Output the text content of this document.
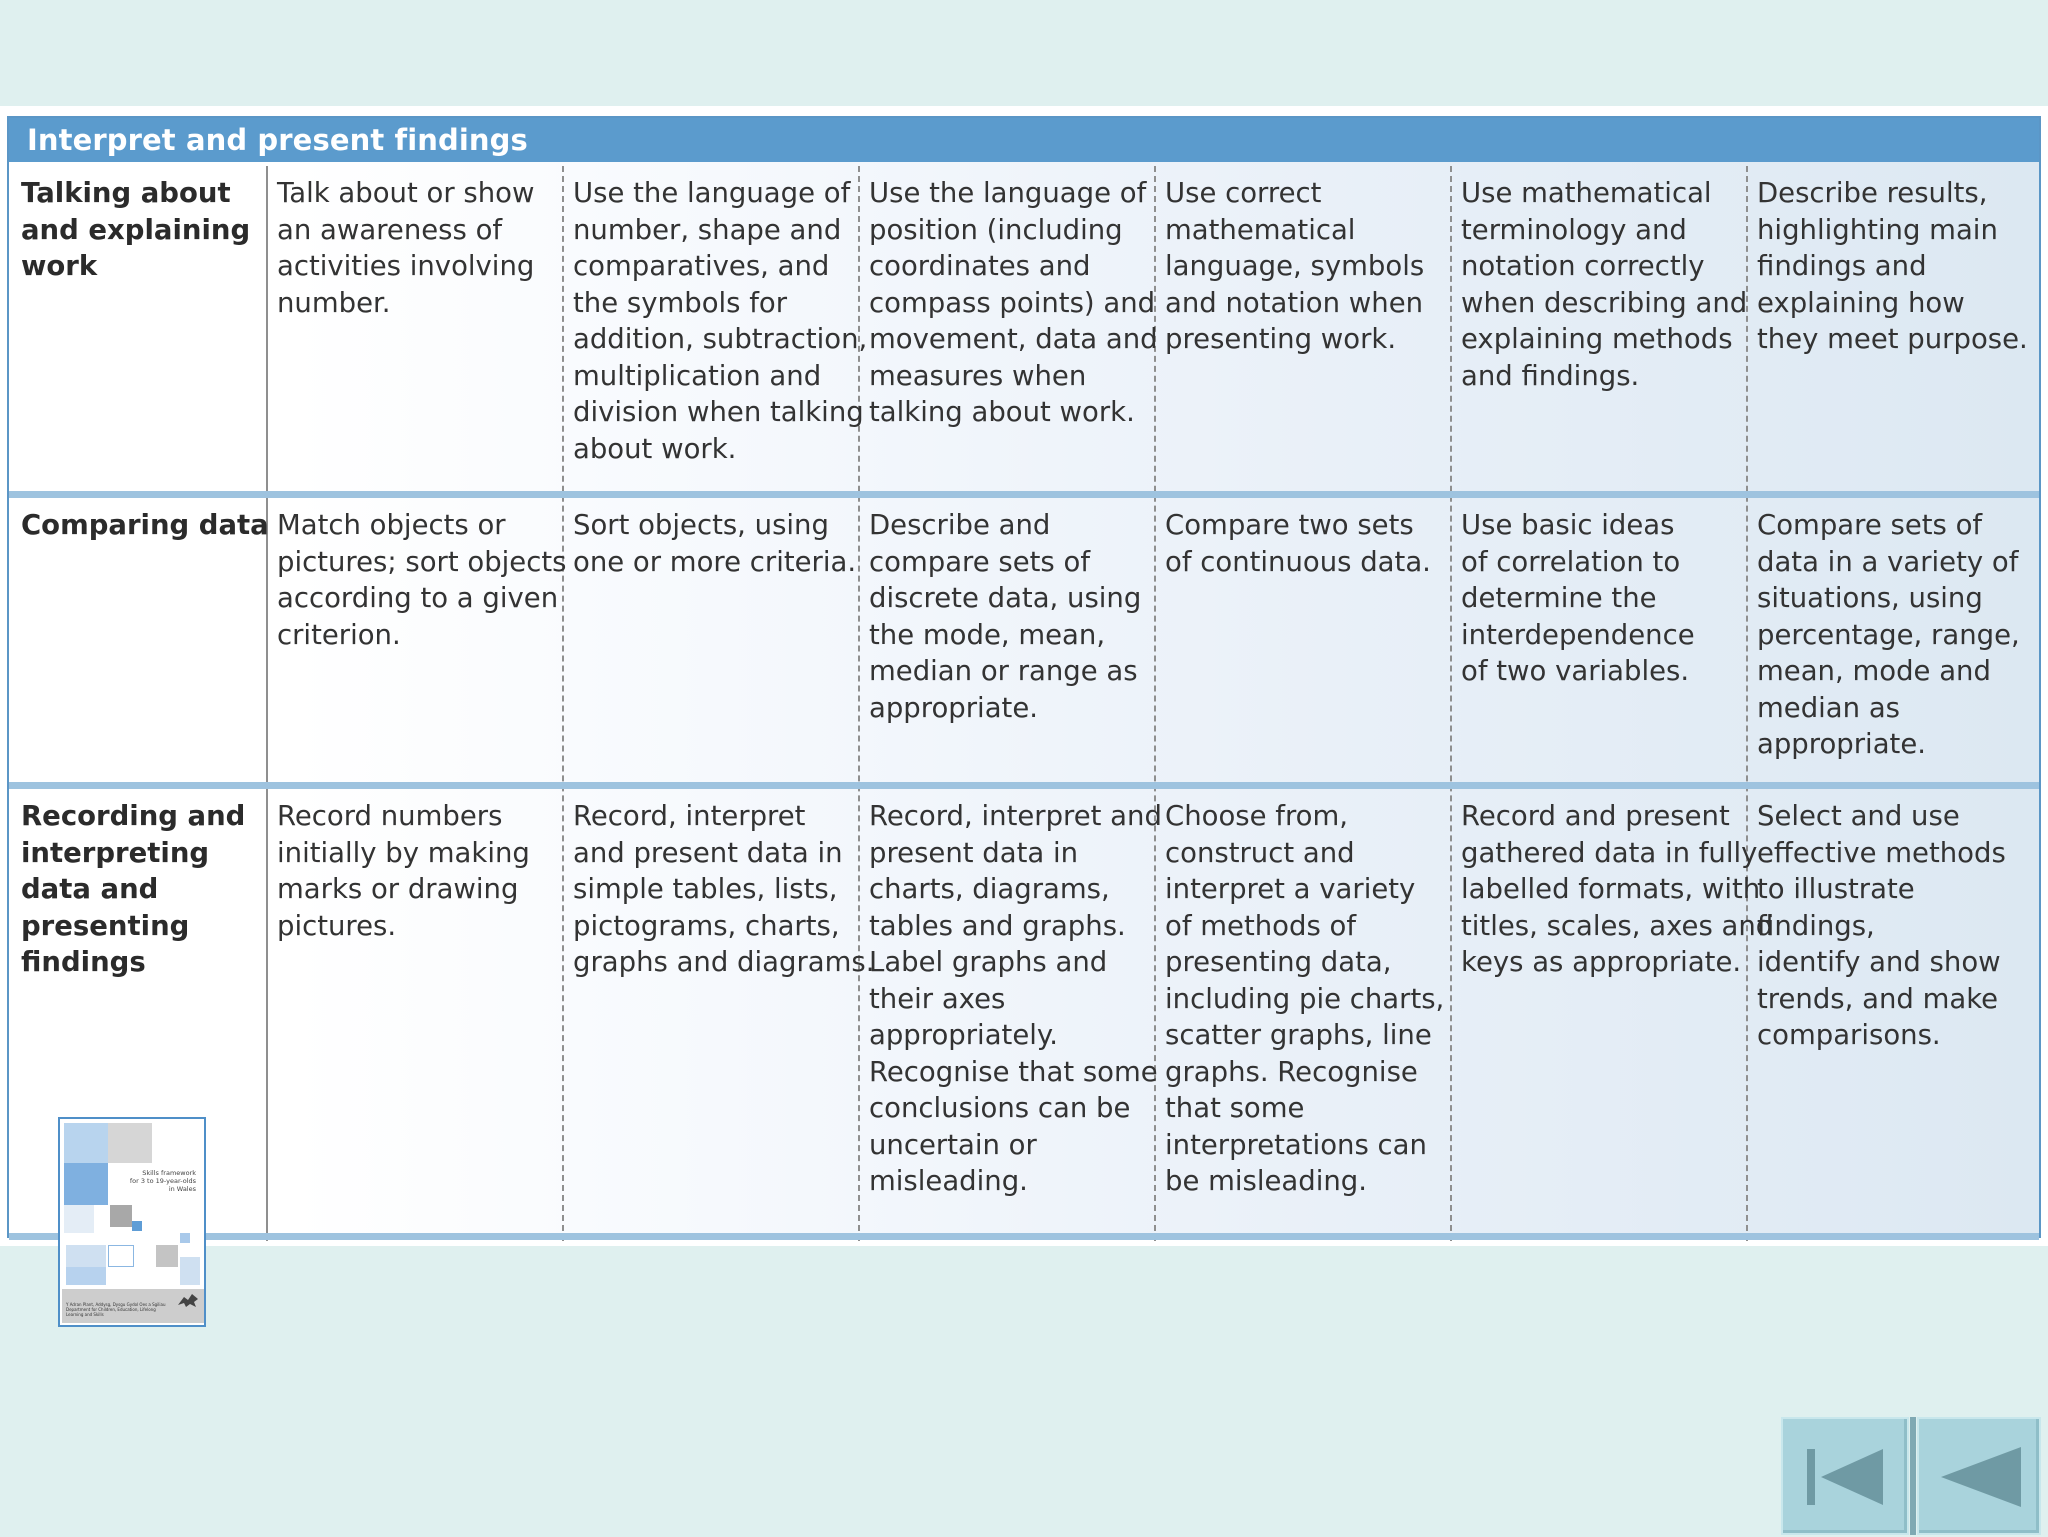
Interpret and present findings
Talking about
and explaining
work
Talk about or show
an awareness of
activities involving
number.
Use the language of
number, shape and
comparatives, and
the symbols for
addition, subtraction,
multiplication and
division when talking
about work.
Use the language of
position (including
coordinates and
compass points) and
movement, data and
measures when
talking about work.
Use correct
mathematical
language, symbols
and notation when
presenting work.
Use mathematical
terminology and
notation correctly
when describing and
explaining methods
and findings.
Describe results,
highlighting main
findings and
explaining how
they meet purpose.
Comparing data Match objects or
pictures; sort objects
according to a given
criterion.
Sort objects, using
one or more criteria.
Describe and
compare sets of
discrete data, using
the mode, mean,
median or range as
appropriate.
Compare two sets
of continuous data.
Use basic ideas
of correlation to
determine the
interdependence
of two variables.
Compare sets of
data in a variety of
situations, using
percentage, range,
mean, mode and
median as
appropriate.
Recording and
interpreting
data and
presenting
findings
Record numbers
initially by making
marks or drawing
pictures.
Record, interpret
and present data in
simple tables, lists,
pictograms, charts,
graphs and diagrams.
Record, interpret and
present data in
charts, diagrams,
tables and graphs.
Label graphs and
their axes
appropriately.
Recognise that some
conclusions can be
uncertain or
misleading.
Choose from,
construct and
interpret a variety
of methods of
presenting data,
including pie charts,
scatter graphs, line
graphs. Recognise
that some
interpretations can
be misleading.
Record and present
gathered data in fully
labelled formats, with
titles, scales, axes and
keys as appropriate.
Select and use
effective methods
to illustrate findings,
identify and show
trends, and make
comparisons.
Skills framework
for 3 to 19-year-olds
in Wales
Y Adran Plant, Addysg, Dysgu Gydol Oes a Sgiliau
Department for Children, Education, Lifelong Learning and Skills
